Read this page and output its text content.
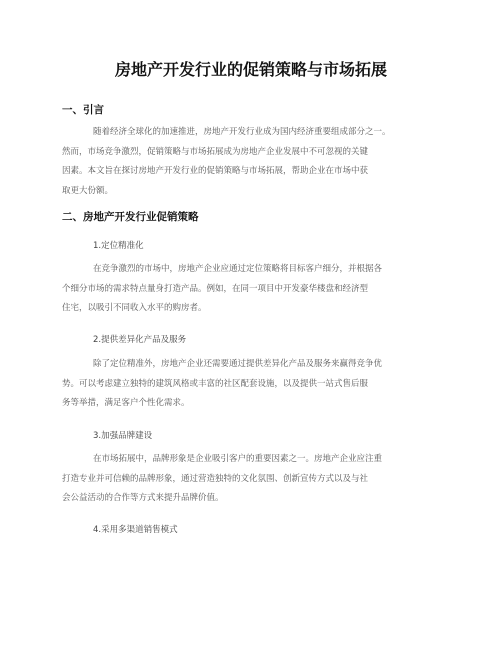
房地产开发行业的促销策略与市场拓展
一、引言
随着经济全球化的加速推进，房地产开发行业成为国内经济重要组成部分之一。
然而，市场竞争激烈，促销策略与市场拓展成为房地产企业发展中不可忽视的关键
因素。本文旨在探讨房地产开发行业的促销策略与市场拓展，帮助企业在市场中获
取更大份额。
二、房地产开发行业促销策略
1.定位精准化
在竞争激烈的市场中，房地产企业应通过定位策略将目标客户细分，并根据各
个细分市场的需求特点量身打造产品。例如，在同一项目中开发豪华楼盘和经济型
住宅，以吸引不同收入水平的购房者。
2.提供差异化产品及服务
除了定位精准外，房地产企业还需要通过提供差异化产品及服务来赢得竞争优
势。可以考虑建立独特的建筑风格或丰富的社区配套设施，以及提供一站式售后服
务等举措，满足客户个性化需求。
3.加强品牌建设
在市场拓展中，品牌形象是企业吸引客户的重要因素之一。房地产企业应注重
打造专业并可信赖的品牌形象，通过营造独特的文化氛围、创新宣传方式以及与社
会公益活动的合作等方式来提升品牌价值。
4.采用多渠道销售模式
